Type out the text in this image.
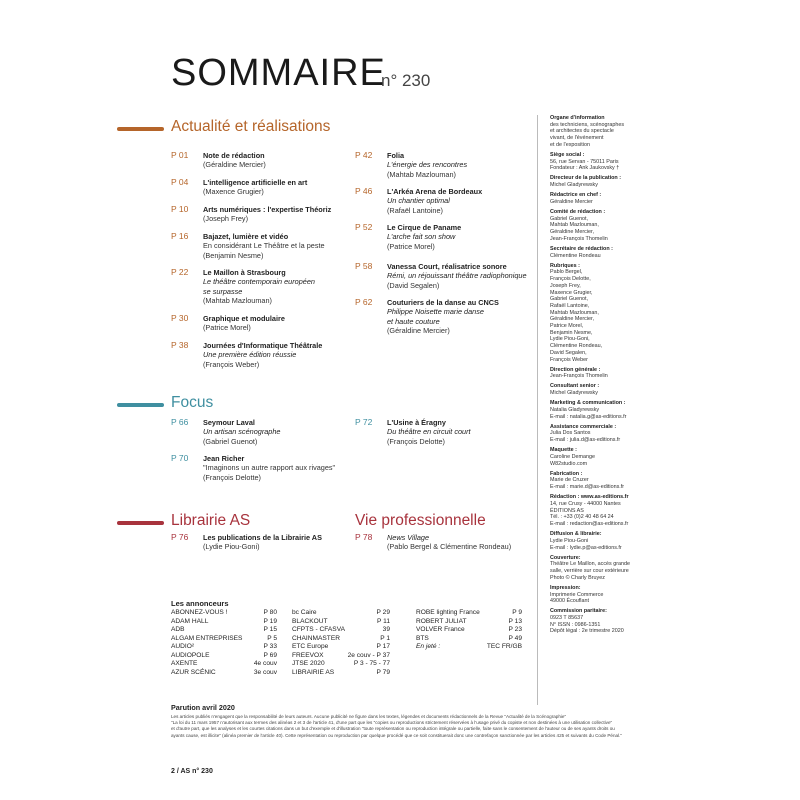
SOMMAIRE
n° 230
Actualité et réalisations
Focus
Librairie AS	Vie professionnelle
P 01 Note de rédaction
(Géraldine Mercier)
P 04 L'intelligence artificielle en art
(Maxence Grugier)
P 10 Arts numériques : l'expertise Théoriz
(Joseph Frey)
P 16 Bajazet, lumière et vidéo
En considérant Le Théâtre et la peste
(Benjamin Nesme)
P 22 Le Maillon à Strasbourg
Le théâtre contemporain européen
se surpasse
(Mahtab Mazlouman)
P 30 Graphique et modulaire
(Patrice Morel)
P 38 Journées d'Informatique Théâtrale
Une première édition réussie
(François Weber)
P 42 Folia
L'énergie des rencontres
(Mahtab Mazlouman)
P 46 L'Arkéa Arena de Bordeaux
Un chantier optimal
(Rafaël Lantoine)
P 52 Le Cirque de Paname
L'arche fait son show
(Patrice Morel)
P 58 Vanessa Court, réalisatrice sonore
Rémi, un réjouissant théâtre radiophonique
(David Segalen)
P 62 Couturiers de la danse au CNCS
Philippe Noisette marie danse
et haute couture
(Géraldine Mercier)
P 66 Seymour Laval
Un artisan scénographe
(Gabriel Guenot)
P 70 Jean Richer
"Imaginons un autre rapport aux rivages"
(François Delotte)
P 72 L'Usine à Éragny
Du théâtre en circuit court
(François Delotte)
P 76 Les publications de la Librairie AS
(Lydie Piou-Goni)
P 78 News Village
(Pablo Bergel & Clémentine Rondeau)
Organe d'information
des techniciens, scénographes
et architectes du spectacle
vivant, de l'événement
et de l'exposition
Siège social :
56, rue Servan - 75011 Paris
Fondateur : Ank Jaukovsky †
Directeur de la publication :
Michel Gladyrewsky
Rédactrice en chef :
Géraldine Mercier
Comité de rédaction :
Gabriel Guenot,
Mahtab Mazlouman,
Géraldine Mercier,
Jean-François Thomelin
Secrétaire de rédaction :
Clémentine Rondeau
Rubriques :
Pablo Bergel,
François Delotte,
Joseph Frey,
Maxence Grugier,
Gabriel Guenot,
Rafaël Lantoine,
Mahtab Mazlouman,
Géraldine Mercier,
Patrice Morel,
Benjamin Nesme,
Lydie Piou-Goni,
Clémentine Rondeau,
David Segalen,
François Weber
Direction générale :
Jean-François Thomelin
Consultant senior :
Michel Gladyrewsky
Marketing & communication :
Natalia Gladyrewsky
E-mail : natalia.g@as-editions.fr
Assistance commerciale :
Julia Dos Santos
E-mail : julia.d@as-editions.fr
Maquette :
Caroline Demange
W82studio.com
Fabrication :
Marie de Cruzer
E-mail : marie.d@as-editions.fr
Rédaction : www.as-editions.fr
14, rue Crusy - 44000 Nantes
ÉDITIONS AS
Tél. : +33 (0)2 40 48 64 24
E-mail : redaction@as-editions.fr
Diffusion & librairie:
Lydie Piou-Goni
E-mail : lydie.p@as-editions.fr
Couverture:
Théâtre Le Maillon, accès grande
salle, verrière sur cour extérieure
Photo © Charly Bruyez
Impression:
Imprimerie Commerce
49000 Écouflant
Commission paritaire:
0923 T 85637
N° ISSN : 0986-1351
Dépôt légal : 2e trimestre 2020
Les annonceurs
ABONNEZ-VOUS !	P 80
ADAM HALL	P 19
ADB	P 15
ALGAM ENTREPRISES	P 5
AUDIO²	P 33
AUDIOPOLE	P 69
AXENTE	4e couv
AZUR SCÉNIC	3e couv
bc Caire	P 29
BLACKOUT	P 11
CFPTS - CFASVA	39
CHAINMASTER	P 1
ETC Europe	P 17
FREEVOX	2e couv - P 37
JTSE 2020	P 3 - 75 - 77
LIBRAIRIE AS	P 79
ROBE lighting France	P 9
ROBERT JULIAT	P 13
VOLVER France	P 23
BTS	P 49
En jeté :	TEC FR/GB
Parution avril 2020
Les articles publiés n'engagent que la responsabilité de leurs auteurs. Aucune publicité ne figure dans les textes, légendes et documents rédactionnels de la Revue "Actualité de la Scénographie"
"La loi du 11 mars 1957 n'autorisant aux termes des alinéas 2 et 3 de l'article 41, d'une part que les "copies ou reproductions strictement réservées à l'usage privé du copiste et non destinées à une utilisation collective"
et d'autre part, que les analyses et les courtes citations dans un but d'exemple et d'illustration "toute représentation ou reproduction intégrale ou partielle, faite sans le consentement de l'auteur ou de ses ayants droits ou
ayants cause, est illicite" (alinéa premier de l'article 40). Cette représentation ou reproduction par quelque procédé que ce soit constituerait donc une contrefaçon sanctionnée par les articles 425 et suivants du Code Pénal."
2 / AS n° 230
